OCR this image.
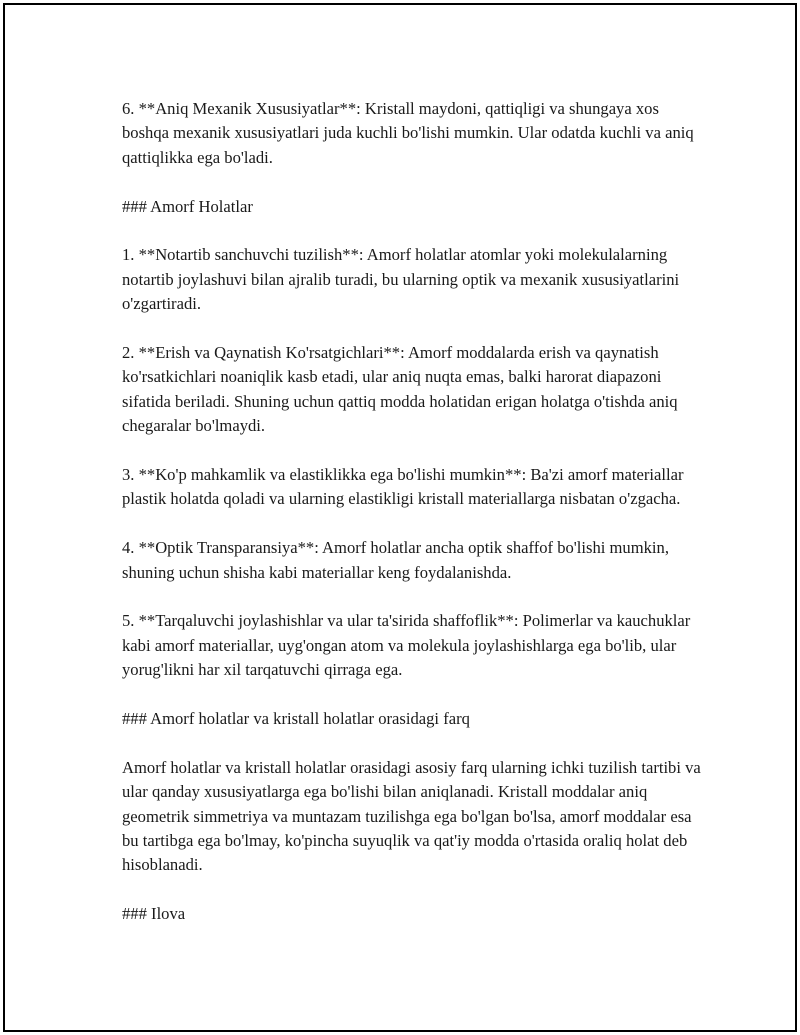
6. **Aniq Mexanik Xususiyatlar**: Kristall maydoni, qattiqligi va shungaya xos boshqa mexanik xususiyatlari juda kuchli bo'lishi mumkin. Ular odatda kuchli va aniq qattiqlikka ega bo'ladi.

### Amorf Holatlar

1. **Notartib sanchuvchi tuzilish**: Amorf holatlar atomlar yoki molekulalarning notartib joylashuvi bilan ajralib turadi, bu ularning optik va mexanik xususiyatlarini o'zgartiradi.

2. **Erish va Qaynatish Ko'rsatgichlari**: Amorf moddalarda erish va qaynatish ko'rsatkichlari noaniqlik kasb etadi, ular aniq nuqta emas, balki harorat diapazoni sifatida beriladi. Shuning uchun qattiq modda holatidan erigan holatga o'tishda aniq chegaralar bo'lmaydi.

3. **Ko'p mahkamlik va elastiklikka ega bo'lishi mumkin**: Ba'zi amorf materiallar plastik holatda qoladi va ularning elastikligi kristall materiallarga nisbatan o'zgacha.

4. **Optik Transparansiya**: Amorf holatlar ancha optik shaffof bo'lishi mumkin, shuning uchun shisha kabi materiallar keng foydalanishda.

5. **Tarqaluvchi joylashishlar va ular ta'sirida shaffoflik**: Polimerlar va kauchuklar kabi amorf materiallar, uyg'ongan atom va molekula joylashishlarga ega bo'lib, ular yorug'likni har xil tarqatuvchi qirraga ega.

### Amorf holatlar va kristall holatlar orasidagi farq

Amorf holatlar va kristall holatlar orasidagi asosiy farq ularning ichki tuzilish tartibi va ular qanday xususiyatlarga ega bo'lishi bilan aniqlanadi. Kristall moddalar aniq geometrik simmetriya va muntazam tuzilishga ega bo'lgan bo'lsa, amorf moddalar esa bu tartibga ega bo'lmay, ko'pincha suyuqlik va qat'iy modda o'rtasida oraliq holat deb hisoblanadi.

### Ilova
